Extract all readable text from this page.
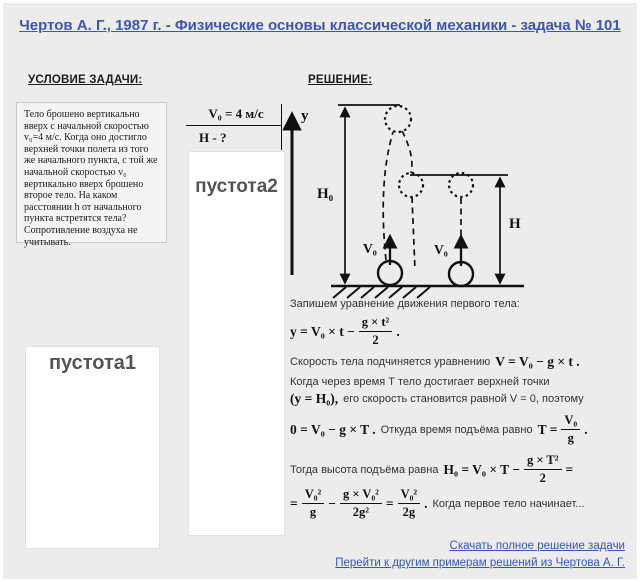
Чертов А. Г., 1987 г. - Физические основы классической механики - задача № 101
УСЛОВИЕ ЗАДАЧИ:	РЕШЕНИЕ:
Тело брошено вертикально вверх с начальной скоростью v₀=4 м/с. Когда оно достигло верхней точки полета из того же начального пункта, с той же начальной скоростью v₀ вертикально вверх брошено второе тело. На каком расстоянии h от начального пункта встретятся тела? Сопротивление воздуха не учитывать.
V₀ = 4 м/с
H - ?
пустота2
пустота1
y
H₀
H
V₀	V₀
Запишем уравнение движения первого тела:
$y = V_0 \times t - \frac{\text{g × t²}}{2}$ .
Скорость тела подчиняется уравнению V = V₀ − g × t .
Когда через время Т тело достигает верхней точки
(y = H₀), его скорость становится равной V = 0, поэтому
0 = V₀ − g × T . Откуда время подъёма равно $T = \frac{\text{V₀}}{g}$ .
Тогда высота подъёма равна $H_0 = V_0 \times T - \frac{\text{g × T²}}{2}$ =
= $\frac{\text{V₀²}}{g} - \frac{\text{g × V₀²}}{\text{2g²}} = \frac{\text{V₀²}}{2g}$ . Когда первое тело начинает...
Скачать полное решение задачи
Перейти к другим примерам решений из Чертова А. Г.
